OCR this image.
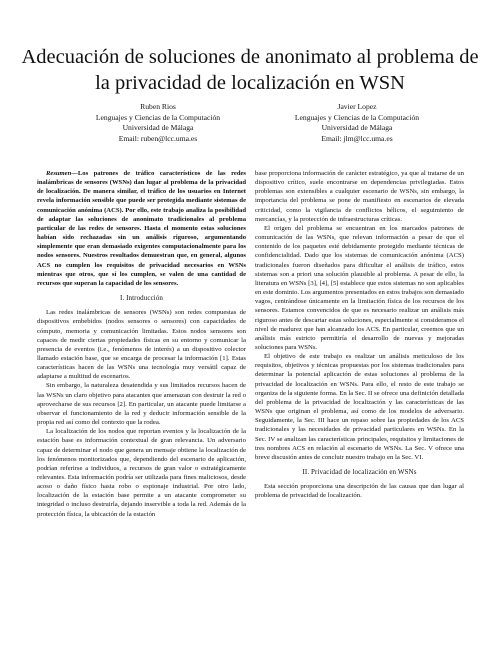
Adecuación de soluciones de anonimato al problema de la privacidad de localización en WSN
Ruben Rios
Lenguajes y Ciencias de la Computación
Universidad de Málaga
Email: ruben@lcc.uma.es
Javier Lopez
Lenguajes y Ciencias de la Computación
Universidad de Málaga
Email: jlm@lcc.uma.es

Resumen—Los patrones de tráfico característicos de las redes inalámbricas de sensores (WSNs) dan lugar al problema de la privacidad de localización. De manera similar, el tráfico de los usuarios en Internet revela información sensible que puede ser protegida mediante sistemas de comunicación anónima (ACS). Por ello, este trabajo analiza la posibilidad de adaptar las soluciones de anonimato tradicionales al problema particular de las redes de sensores. Hasta el momento estas soluciones habían sido rechazadas sin un análisis riguroso, argumentando simplemente que eran demasiado exigentes computacionalmente para los nodos sensores. Nuestros resultados demuestran que, en general, algunos ACS no cumplen los requisitos de privacidad necesarios en WSNs mientras que otros, que sí los cumplen, se valen de una cantidad de recursos que superan la capacidad de los sensores.

I. Introducción

Las redes inalámbricas de sensores (WSNs) son redes compuestas de dispositivos embebidos (nodos sensores o sensores) con capacidades de cómputo, memoria y comunicación limitadas. Estos nodos sensores son capaces de medir ciertas propiedades físicas en su entorno y comunicar la presencia de eventos (i.e., fenómenos de interés) a un dispositivo colector llamado estación base, que se encarga de procesar la información [1]. Estas características hacen de las WSNs una tecnología muy versátil capaz de adaptarse a multitud de escenarios.

Sin embargo, la naturaleza desatendida y sus limitados recursos hacen de las WSNs un claro objetivo para atacantes que amenazan con destruir la red o aprovecharse de sus recursos [2]. En particular, un atacante puede limitarse a observar el funcionamiento de la red y deducir información sensible de la propia red así como del contexto que la rodea.

La localización de los nodos que reportan eventos y la localización de la estación base es información contextual de gran relevancia. Un adversario capaz de determinar el nodo que genera un mensaje obtiene la localización de los fenómenos monitorizados que, dependiendo del escenario de aplicación, podrían referirse a individuos, a recursos de gran valor o estratégicamente relevantes. Esta información podría ser utilizada para fines maliciosos, desde acoso o daño físico hasta robo o espionaje industrial. Por otro lado, localización de la estación base permite a un atacante comprometer su integridad o incluso destruirla, dejando inservible a toda la red. Además de la protección física, la ubicación de la estación

base proporciona información de carácter estratégico, ya que al tratarse de un dispositivo crítico, suele encontrarse en dependencias privilegiadas. Estos problemas son extensibles a cualquier escenario de WSNs, sin embargo, la importancia del problema se pone de manifiesto en escenarios de elevada criticidad, como la vigilancia de conflictos bélicos, el seguimiento de mercancías, y la protección de infraestructuras críticas.

El origen del problema se encuentran en los marcados patrones de comunicación de las WSNs, que relevan información a pesar de que el contenido de los paquetes esté debidamente protegido mediante técnicas de confidencialidad. Dado que los sistemas de comunicación anónima (ACS) tradicionales fueron diseñados para dificultar el análisis de tráfico, estos sistemas son a priori una solución plausible al problema. A pesar de ello, la literatura en WSNs [3], [4], [5] establece que estos sistemas no son aplicables en este dominio. Los argumentos presentados en estos trabajos son demasiado vagos, centrándose únicamente en la limitación física de los recursos de los sensores. Estamos convencidos de que es necesario realizar un análisis más riguroso antes de descartar estas soluciones, especialmente si consideramos el nivel de madurez que han alcanzado los ACS. En particular, creemos que un análisis más estricto permitiría el desarrollo de nuevas y mejoradas soluciones para WSNs.

El objetivo de este trabajo es realizar un análisis meticuloso de los requisitos, objetivos y técnicas propuestas por los sistemas tradicionales para determinar la potencial aplicación de estas soluciones al problema de la privacidad de localización en WSNs. Para ello, el resto de este trabajo se organiza de la siguiente forma. En la Sec. II se ofrece una definición detallada del problema de la privacidad de localización y las características de las WSNs que originan el problema, así como de los modelos de adversario. Seguidamente, la Sec. III hace un repaso sobre las propiedades de los ACS tradicionales y las necesidades de privacidad particulares en WSNs. En la Sec. IV se analizan las características principales, requisitos y limitaciones de tres nombres ACS en relación al escenario de WSNs. La Sec. V ofrece una breve discusión antes de concluir nuestro trabajo en la Sec. VI.

II. Privacidad de localización en WSNs

Esta sección proporciona una descripción de las causas que dan lugar al problema de privacidad de localización.
